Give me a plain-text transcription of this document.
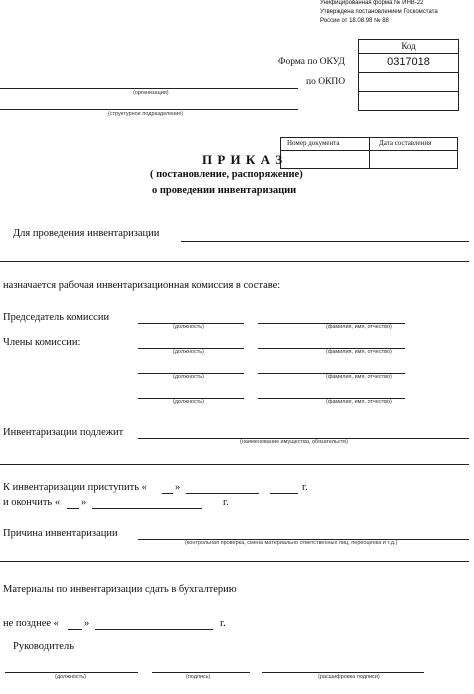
Унифицированная форма № ИНВ-22
Утверждена постановлением Госкомстата
России от 18.08.98 № 88
Код
0317018
Форма по ОКУД
по ОКПО
(организация)
(структурное подразделение)
Номер документа	Дата составления
П Р И К А З
( постановление, распоряжение)
о проведении инвентаризации
Для проведения инвентаризации
назначается рабочая инвентаризационная комиссия в составе:
Председатель комиссии
(должность)	(фамилия, имя, отчество)
Члены комиссии:
(должность)	(фамилия, имя, отчество)
(должность)	(фамилия, имя, отчество)
(должность)	(фамилия, имя, отчество)
Инвентаризации подлежит
(наименование имущества, обязательств)
К инвентаризации приступить «	»	г.
и окончить « »	г.
Причина инвентаризации
(контрольная проверка, смена материально ответственных лиц, переоценка и т.д.)
Материалы по инвентаризации сдать в бухгалтерию
не позднее « »	г.
Руководитель
(должность)	(подпись)	(расшифровка подписи)
